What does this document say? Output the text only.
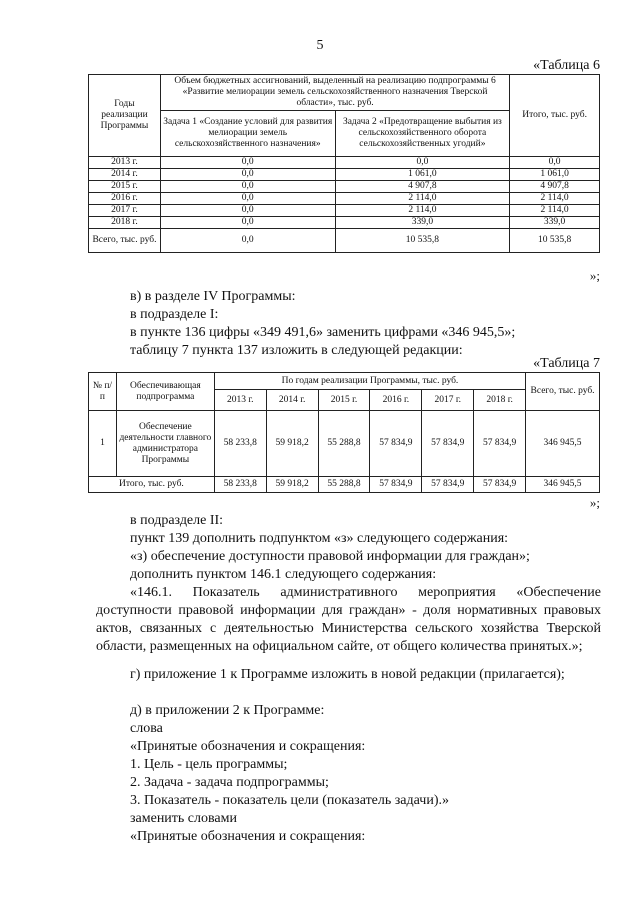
5
«Таблица 6
Годы реализации Программы	Объем бюджетных ассигнований, выделенный на реализацию подпрограммы 6 «Развитие мелиорации земель сельскохозяйственного назначения Тверской области», тыс. руб.		Итого, тыс. руб.
	Задача 1 «Создание условий для развития мелиорации земель сельскохозяйственного назначения»	Задача 2 «Предотвращение выбытия из сельскохозяйственного оборота сельскохозяйственных угодий»	
2013 г.	0,0	0,0	0,0
2014 г.	0,0	1 061,0	1 061,0
2015 г.	0,0	4 907,8	4 907,8
2016 г.	0,0	2 114,0	2 114,0
2017 г.	0,0	2 114,0	2 114,0
2018 г.	0,0	339,0	339,0
Всего, тыс. руб.	0,0	10 535,8	10 535,8
»;
в) в разделе IV Программы:
в подразделе I:
в пункте 136 цифры «349 491,6» заменить цифрами «346 945,5»;
таблицу 7 пункта 137 изложить в следующей редакции:
«Таблица 7
№ п/п	Обеспечивающая подпрограмма	По годам реализации Программы, тыс. руб.						Всего, тыс. руб.
		2013 г.	2014 г.	2015 г.	2016 г.	2017 г.	2018 г.	
1	Обеспечение деятельности главного администратора Программы	58 233,8	59 918,2	55 288,8	57 834,9	57 834,9	57 834,9	346 945,5
Итого, тыс. руб.		58 233,8	59 918,2	55 288,8	57 834,9	57 834,9	57 834,9	346 945,5
»;
в подразделе II:
пункт 139 дополнить подпунктом «з» следующего содержания:
«з) обеспечение доступности правовой информации для граждан»;
дополнить пунктом 146.1 следующего содержания:
«146.1. Показатель административного мероприятия «Обеспечение доступности правовой информации для граждан» - доля нормативных правовых актов, связанных с деятельностью Министерства сельского хозяйства Тверской области, размещенных на официальном сайте, от общего количества принятых.»;
г) приложение 1 к Программе изложить в новой редакции (прилагается);
д) в приложении 2 к Программе:
слова
«Принятые обозначения и сокращения:
1. Цель - цель программы;
2. Задача - задача подпрограммы;
3. Показатель - показатель цели (показатель задачи).»
заменить словами
«Принятые обозначения и сокращения:
